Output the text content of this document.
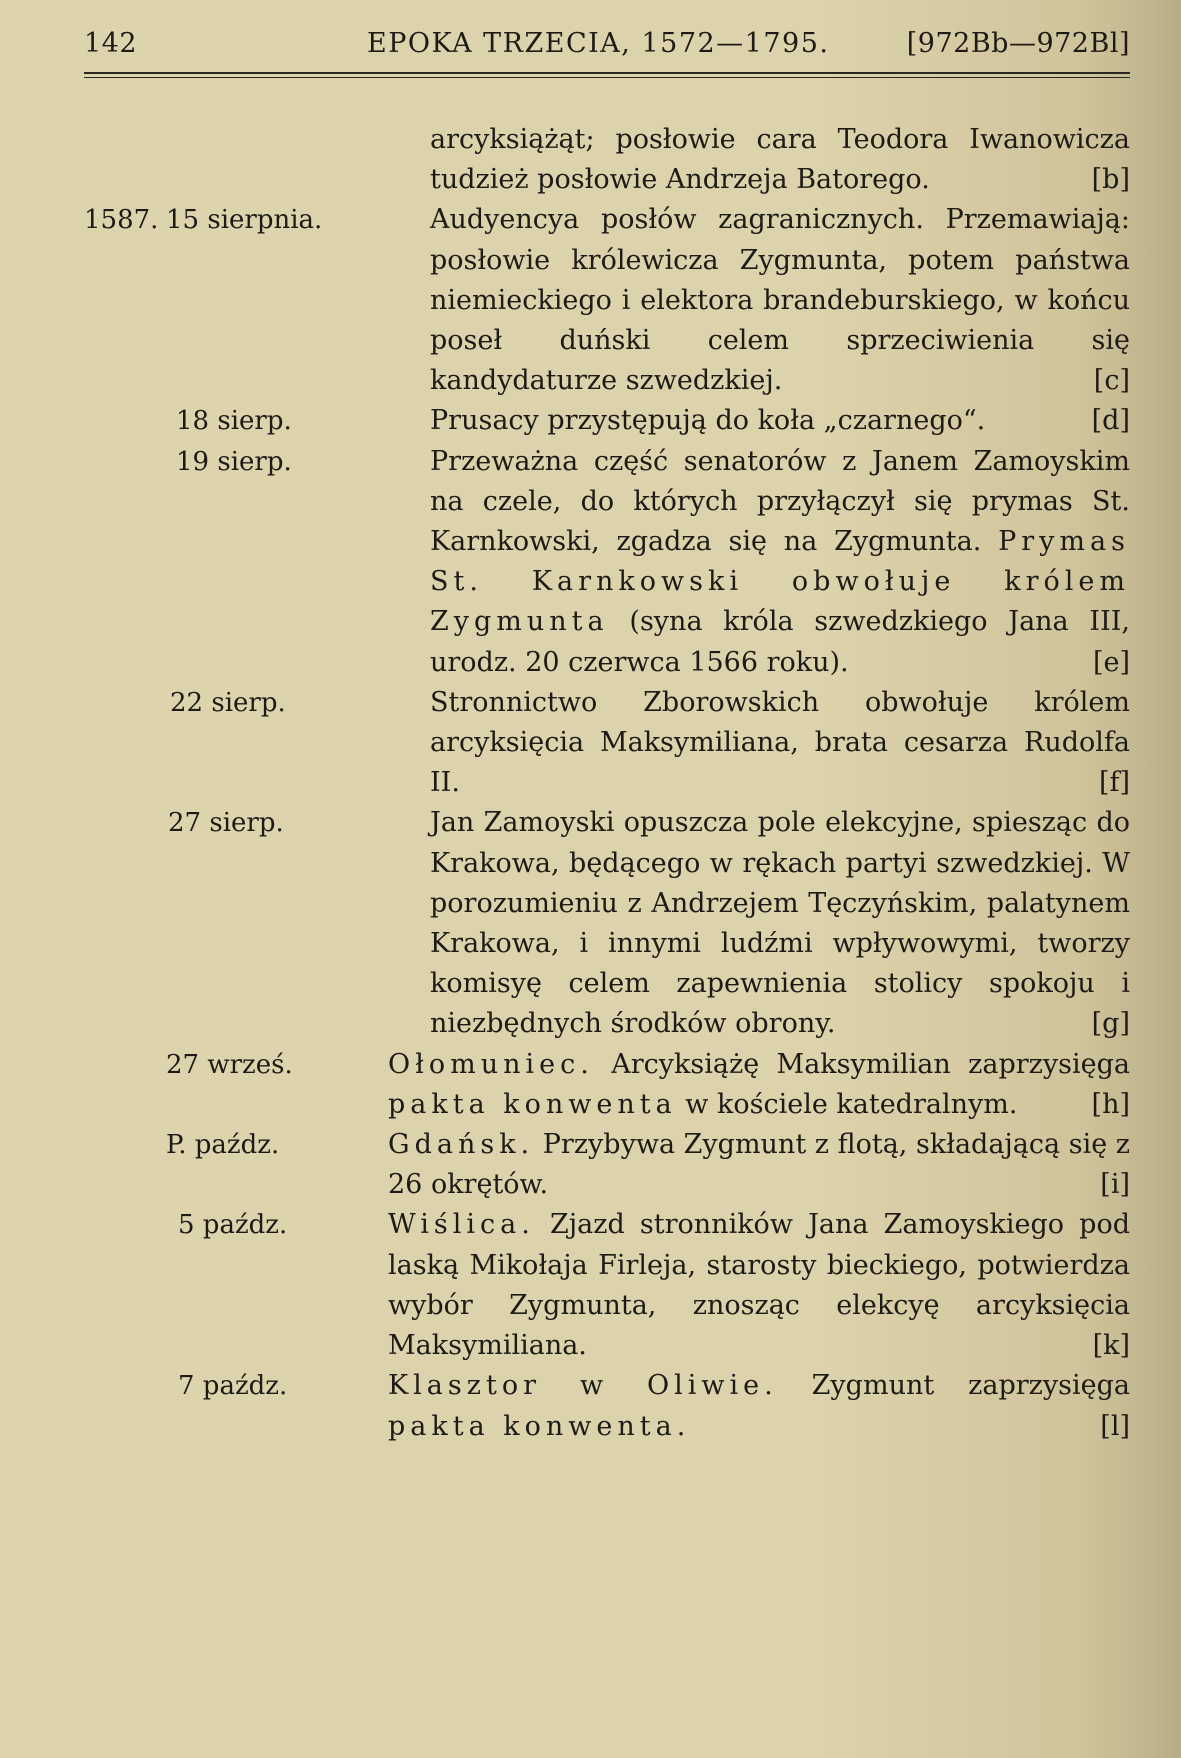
142	EPOKA TRZECIA, 1572—1795.	[972Bb—972Bl]
arcyksiążąt; posłowie cara Teodora Iwanowicza tudzież posłowie Andrzeja Batorego.	[b]
1587. 15 sierpnia.	Audyencya posłów zagranicznych. Przemawiają: posłowie królewicza Zygmunta, potem państwa niemieckiego i elektora brandeburskiego, w końcu poseł duński celem sprzeciwienia się kandydaturze szwedzkiej.	[c]
18 sierp.	Prusacy przystępują do koła „czarnego“.	[d]
19 sierp.	Przeważna część senatorów z Janem Zamoyskim na czele, do których przyłączył się prymas St. Karnkowski, zgadza się na Zygmunta. Prymas St. Karnkowski obwołuje królem Zygmunta (syna króla szwedzkiego Jana III, urodz. 20 czerwca 1566 roku).	[e]
22 sierp.	Stronnictwo Zborowskich obwołuje królem arcyksięcia Maksymiliana, brata cesarza Rudolfa II.	[f]
27 sierp.	Jan Zamoyski opuszcza pole elekcyjne, spiesząc do Krakowa, będącego w rękach partyi szwedzkiej. W porozumieniu z Andrzejem Tęczyńskim, palatynem Krakowa, i innymi ludźmi wpływowymi, tworzy komisyę celem zapewnienia stolicy spokoju i niezbędnych środków obrony.	[g]
27 wrześ.	Ołomuniec. Arcyksiążę Maksymilian zaprzysięga pakta konwenta w kościele katedralnym.	[h]
P. paźdz.	Gdańsk. Przybywa Zygmunt z flotą, składającą się z 26 okrętów.	[i]
5 paźdz.	Wiślica. Zjazd stronników Jana Zamoyskiego pod laską Mikołaja Firleja, starosty bieckiego, potwierdza wybór Zygmunta, znosząc elekcyę arcyksięcia Maksymiliana.	[k]
7 paźdz.	Klasztor w Oliwie. Zygmunt zaprzysięga pakta konwenta.	[l]
